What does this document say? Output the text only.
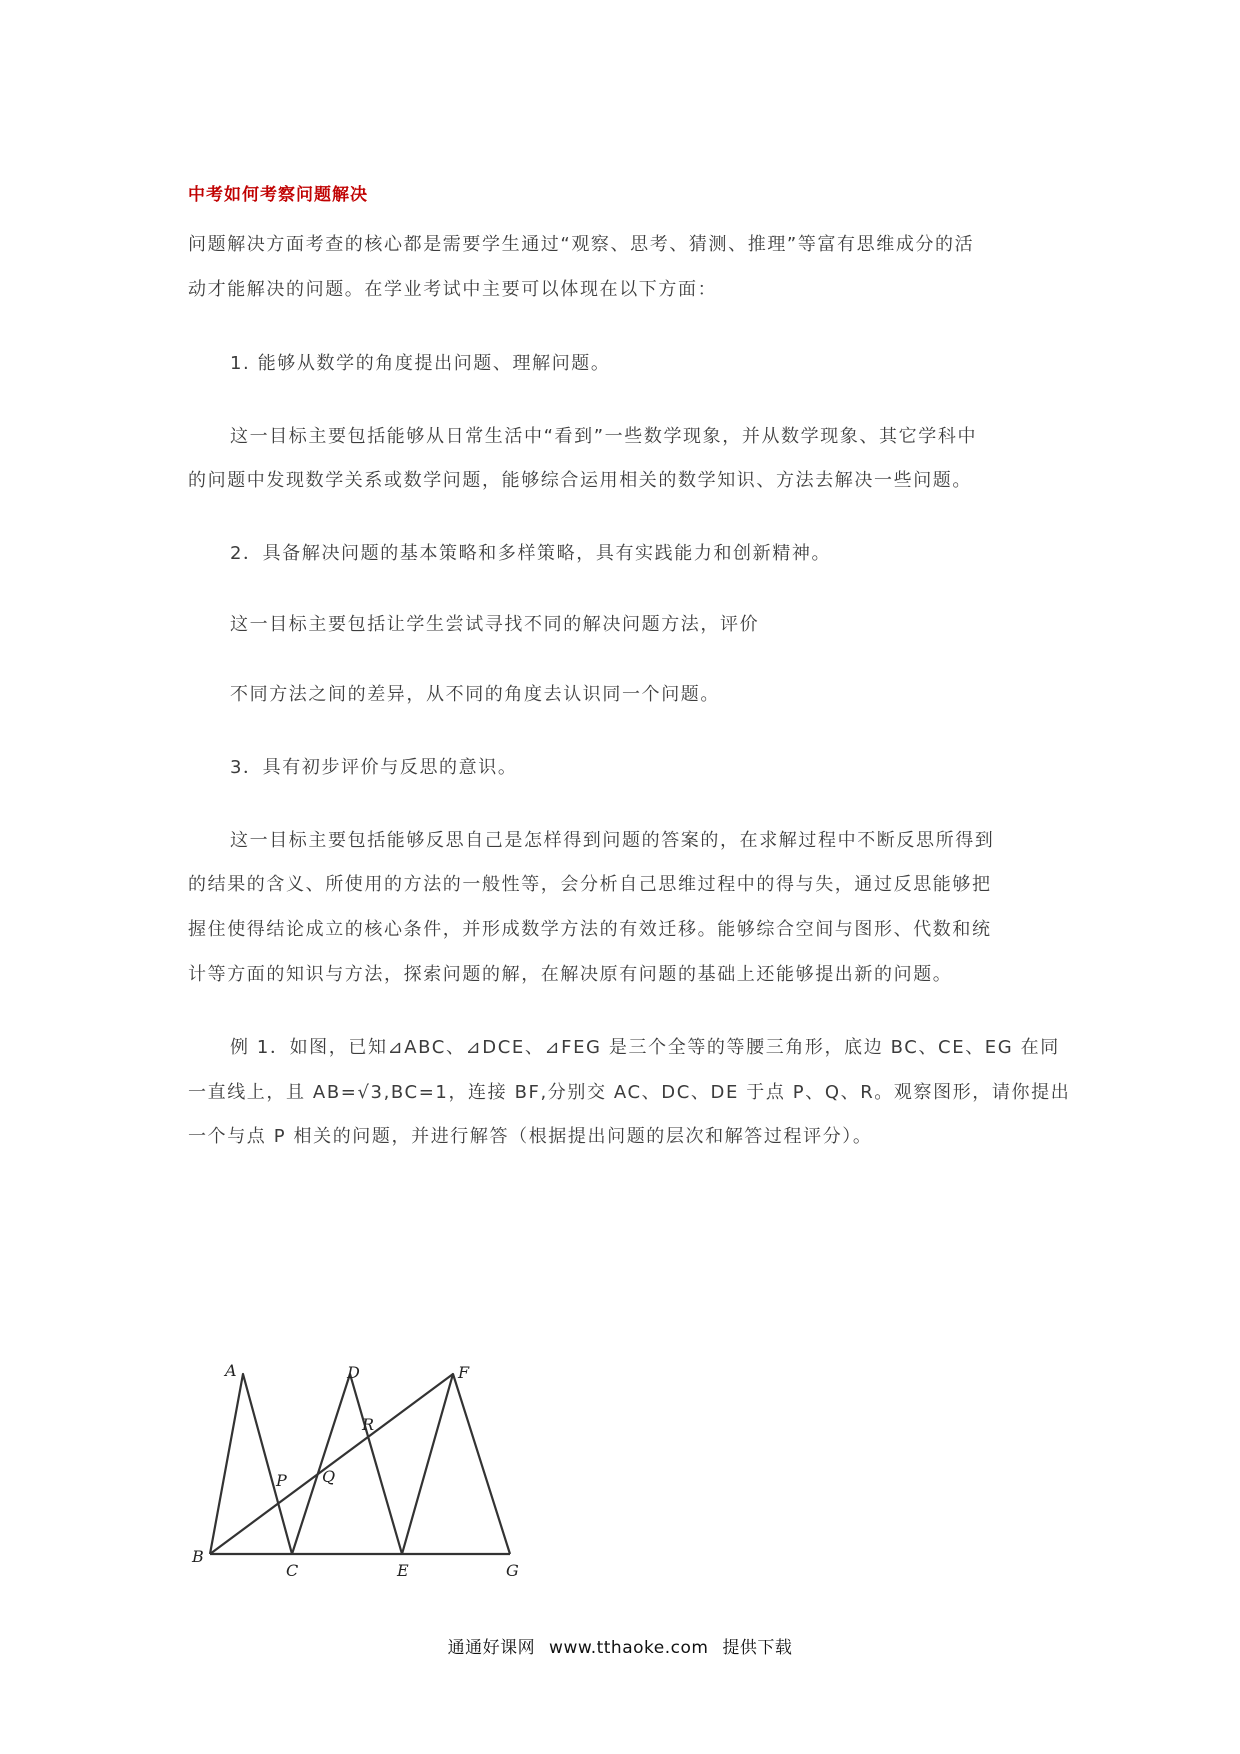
中考如何考察问题解决
问题解决方面考查的核心都是需要学生通过“观察、思考、猜测、推理”等富有思维成分的活
动才能解决的问题。在学业考试中主要可以体现在以下方面：
1. 能够从数学的角度提出问题、理解问题。
这一目标主要包括能够从日常生活中“看到”一些数学现象，并从数学现象、其它学科中
的问题中发现数学关系或数学问题，能够综合运用相关的数学知识、方法去解决一些问题。
2．具备解决问题的基本策略和多样策略，具有实践能力和创新精神。
这一目标主要包括让学生尝试寻找不同的解决问题方法，评价
不同方法之间的差异，从不同的角度去认识同一个问题。
3．具有初步评价与反思的意识。
这一目标主要包括能够反思自己是怎样得到问题的答案的，在求解过程中不断反思所得到
的结果的含义、所使用的方法的一般性等，会分析自己思维过程中的得与失，通过反思能够把
握住使得结论成立的核心条件，并形成数学方法的有效迁移。能够综合空间与图形、代数和统
计等方面的知识与方法，探索问题的解，在解决原有问题的基础上还能够提出新的问题。
例 1．如图，已知⊿ABC、⊿DCE、⊿FEG 是三个全等的等腰三角形，底边 BC、CE、EG 在同
一直线上，且 AB=√3,BC=1，连接 BF,分别交 AC、DC、DE 于点 P、Q、R。观察图形，请你提出
一个与点 P 相关的问题，并进行解答（根据提出问题的层次和解答过程评分）。
A
B
C
D
E
F
G
P Q
R
通通好课网 www.tthaoke.com 提供下载
